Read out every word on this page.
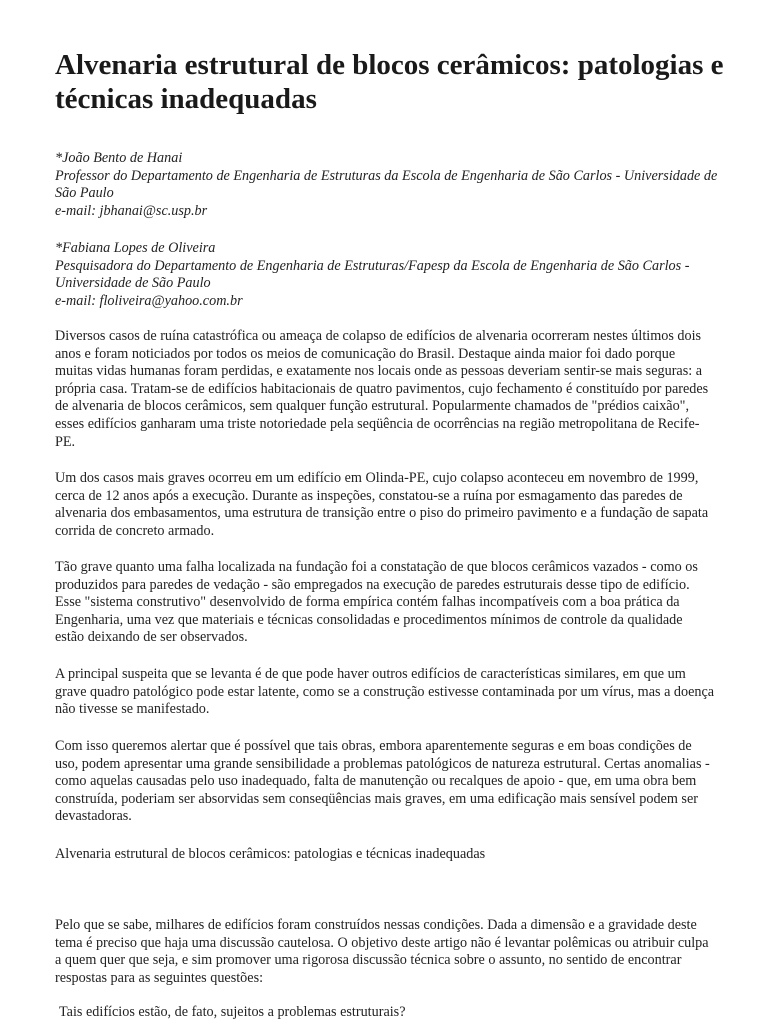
Alvenaria estrutural de blocos cerâmicos: patologias e técnicas inadequadas
*João Bento de Hanai
Professor do Departamento de Engenharia de Estruturas da Escola de Engenharia de São Carlos - Universidade de São Paulo
e-mail: jbhanai@sc.usp.br
*Fabiana Lopes de Oliveira
Pesquisadora do Departamento de Engenharia de Estruturas/Fapesp da Escola de Engenharia de São Carlos - Universidade de São Paulo
e-mail: floliveira@yahoo.com.br

Diversos casos de ruína catastrófica ou ameaça de colapso de edifícios de alvenaria ocorreram nestes últimos dois anos e foram noticiados por todos os meios de comunicação do Brasil. Destaque ainda maior foi dado porque muitas vidas humanas foram perdidas, e exatamente nos locais onde as pessoas deveriam sentir-se mais seguras: a própria casa. Tratam-se de edifícios habitacionais de quatro pavimentos, cujo fechamento é constituído por paredes de alvenaria de blocos cerâmicos, sem qualquer função estrutural. Popularmente chamados de "prédios caixão", esses edifícios ganharam uma triste notoriedade pela seqüência de ocorrências na região metropolitana de Recife-PE.

Um dos casos mais graves ocorreu em um edifício em Olinda-PE, cujo colapso aconteceu em novembro de 1999, cerca de 12 anos após a execução. Durante as inspeções, constatou-se a ruína por esmagamento das paredes de alvenaria dos embasamentos, uma estrutura de transição entre o piso do primeiro pavimento e a fundação de sapata corrida de concreto armado.

Tão grave quanto uma falha localizada na fundação foi a constatação de que blocos cerâmicos vazados - como os produzidos para paredes de vedação - são empregados na execução de paredes estruturais desse tipo de edifício. Esse "sistema construtivo" desenvolvido de forma empírica contém falhas incompatíveis com a boa prática da Engenharia, uma vez que materiais e técnicas consolidadas e procedimentos mínimos de controle da qualidade estão deixando de ser observados.

A principal suspeita que se levanta é de que pode haver outros edifícios de características similares, em que um grave quadro patológico pode estar latente, como se a construção estivesse contaminada por um vírus, mas a doença não tivesse se manifestado.

Com isso queremos alertar que é possível que tais obras, embora aparentemente seguras e em boas condições de uso, podem apresentar uma grande sensibilidade a problemas patológicos de natureza estrutural. Certas anomalias - como aquelas causadas pelo uso inadequado, falta de manutenção ou recalques de apoio - que, em uma obra bem construída, poderiam ser absorvidas sem conseqüências mais graves, em uma edificação mais sensível podem ser devastadoras.

Alvenaria estrutural de blocos cerâmicos: patologias e técnicas inadequadas

Pelo que se sabe, milhares de edifícios foram construídos nessas condições. Dada a dimensão e a gravidade deste tema é preciso que haja uma discussão cautelosa. O objetivo deste artigo não é levantar polêmicas ou atribuir culpa a quem quer que seja, e sim promover uma rigorosa discussão técnica sobre o assunto, no sentido de encontrar respostas para as seguintes questões:

Tais edifícios estão, de fato, sujeitos a problemas estruturais?
